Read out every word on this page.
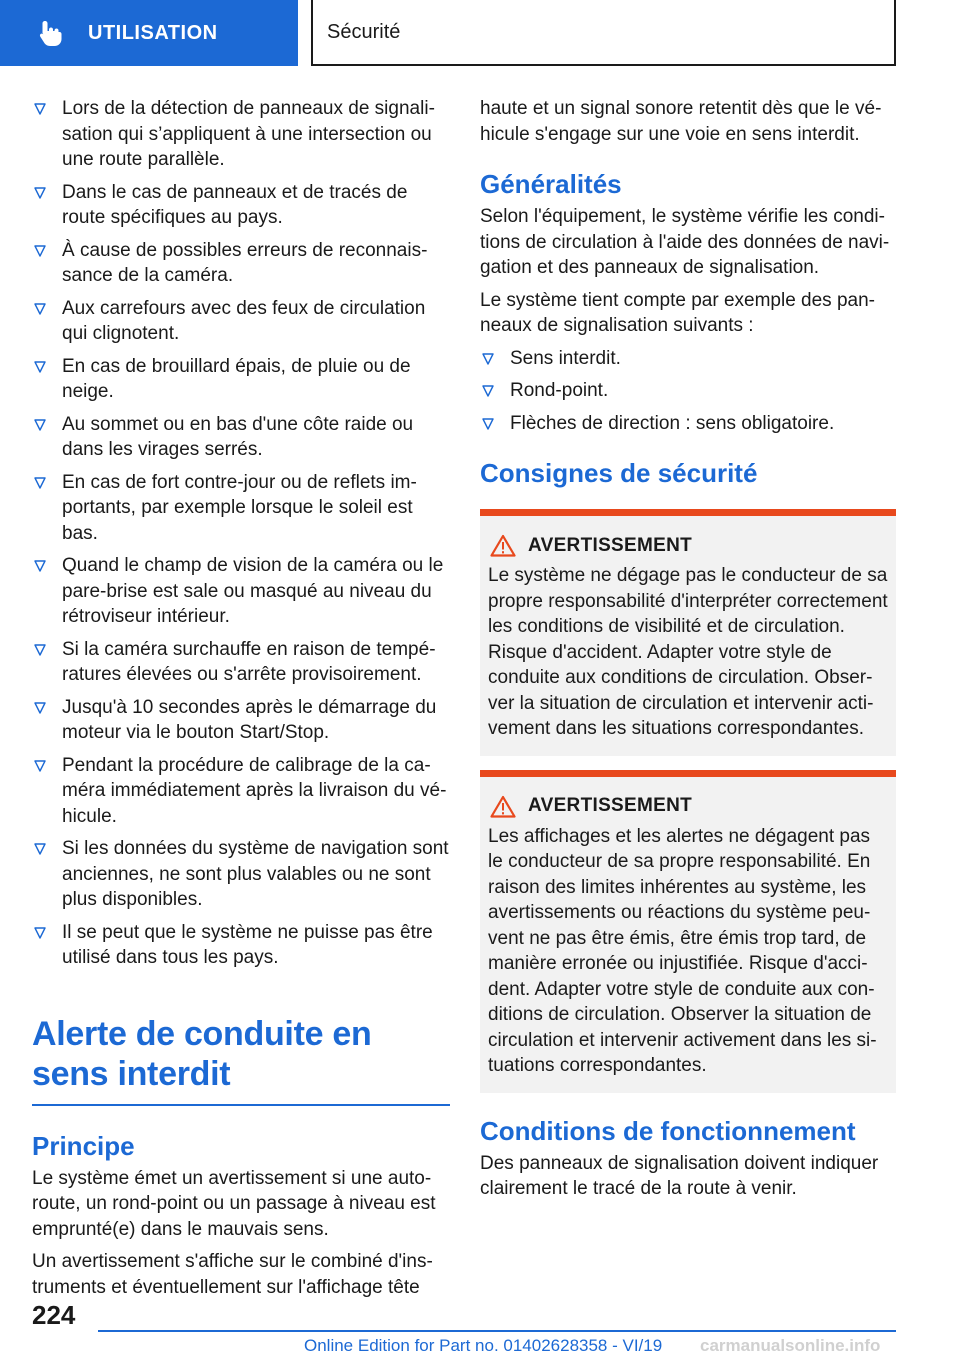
UTILISATION	Sécurité
Lors de la détection de panneaux de signalisation qui s’appliquent à une intersection ou une route parallèle.
Dans le cas de panneaux et de tracés de route spécifiques au pays.
À cause de possibles erreurs de reconnaissance de la caméra.
Aux carrefours avec des feux de circulation qui clignotent.
En cas de brouillard épais, de pluie ou de neige.
Au sommet ou en bas d'une côte raide ou dans les virages serrés.
En cas de fort contre-jour ou de reflets importants, par exemple lorsque le soleil est bas.
Quand le champ de vision de la caméra ou le pare-brise est sale ou masqué au niveau du rétroviseur intérieur.
Si la caméra surchauffe en raison de températures élevées ou s'arrête provisoirement.
Jusqu'à 10 secondes après le démarrage du moteur via le bouton Start/Stop.
Pendant la procédure de calibrage de la caméra immédiatement après la livraison du véhicule.
Si les données du système de navigation sont anciennes, ne sont plus valables ou ne sont plus disponibles.
Il se peut que le système ne puisse pas être utilisé dans tous les pays.
Alerte de conduite en sens interdit
Principe

Le système émet un avertissement si une autoroute, un rond-point ou un passage à niveau est emprunté(e) dans le mauvais sens.

Un avertissement s'affiche sur le combiné d'instruments et éventuellement sur l'affichage tête

haute et un signal sonore retentit dès que le véhicule s'engage sur une voie en sens interdit.

Généralités

Selon l'équipement, le système vérifie les conditions de circulation à l'aide des données de navigation et des panneaux de signalisation.

Le système tient compte par exemple des panneaux de signalisation suivants :

Sens interdit.
Rond-point.
Flèches de direction : sens obligatoire.
Consignes de sécurité
AVERTISSEMENT

Le système ne dégage pas le conducteur de sa propre responsabilité d'interpréter correctement les conditions de visibilité et de circulation. Risque d'accident. Adapter votre style de conduite aux conditions de circulation. Observer la situation de circulation et intervenir activement dans les situations correspondantes.

AVERTISSEMENT

Les affichages et les alertes ne dégagent pas le conducteur de sa propre responsabilité. En raison des limites inhérentes au système, les avertissements ou réactions du système peuvent ne pas être émis, être émis trop tard, de manière erronée ou injustifiée. Risque d'accident. Adapter votre style de conduite aux conditions de circulation. Observer la situation de circulation et intervenir activement dans les situations correspondantes.

Conditions de fonctionnement

Des panneaux de signalisation doivent indiquer clairement le tracé de la route à venir.

224
Online Edition for Part no. 01402628358 - VI/19 carmanualsonline.info
